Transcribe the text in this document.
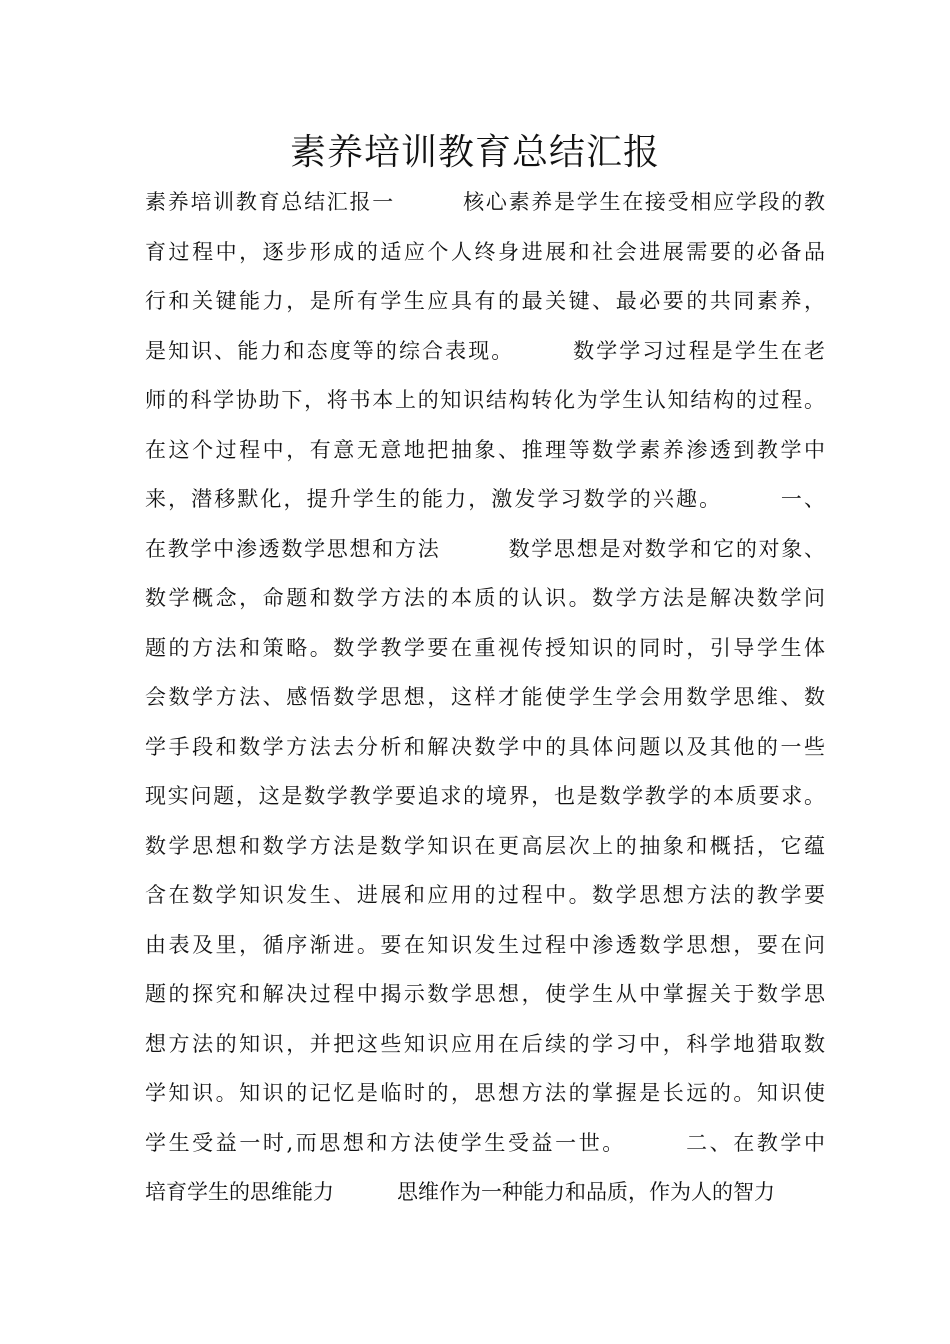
素养培训教育总结汇报
素养培训教育总结汇报一　　　核心素养是学生在接受相应学段的教
育过程中，逐步形成的适应个人终身进展和社会进展需要的必备品
行和关键能力，是所有学生应具有的最关键、最必要的共同素养，
是知识、能力和态度等的综合表现。　　　数学学习过程是学生在老
师的科学协助下，将书本上的知识结构转化为学生认知结构的过程。
在这个过程中，有意无意地把抽象、推理等数学素养渗透到教学中
来，潜移默化，提升学生的能力，激发学习数学的兴趣。　　　一、
在教学中渗透数学思想和方法　　　数学思想是对数学和它的对象、
数学概念，命题和数学方法的本质的认识。数学方法是解决数学问
题的方法和策略。数学教学要在重视传授知识的同时，引导学生体
会数学方法、感悟数学思想，这样才能使学生学会用数学思维、数
学手段和数学方法去分析和解决数学中的具体问题以及其他的一些
现实问题，这是数学教学要追求的境界，也是数学教学的本质要求。
数学思想和数学方法是数学知识在更高层次上的抽象和概括，它蕴
含在数学知识发生、进展和应用的过程中。数学思想方法的教学要
由表及里，循序渐进。要在知识发生过程中渗透数学思想，要在问
题的探究和解决过程中揭示数学思想，使学生从中掌握关于数学思
想方法的知识，并把这些知识应用在后续的学习中，科学地猎取数
学知识。知识的记忆是临时的，思想方法的掌握是长远的。知识使
学生受益一时,而思想和方法使学生受益一世。　　　二、在教学中
培育学生的思维能力　　　思维作为一种能力和品质，作为人的智力
